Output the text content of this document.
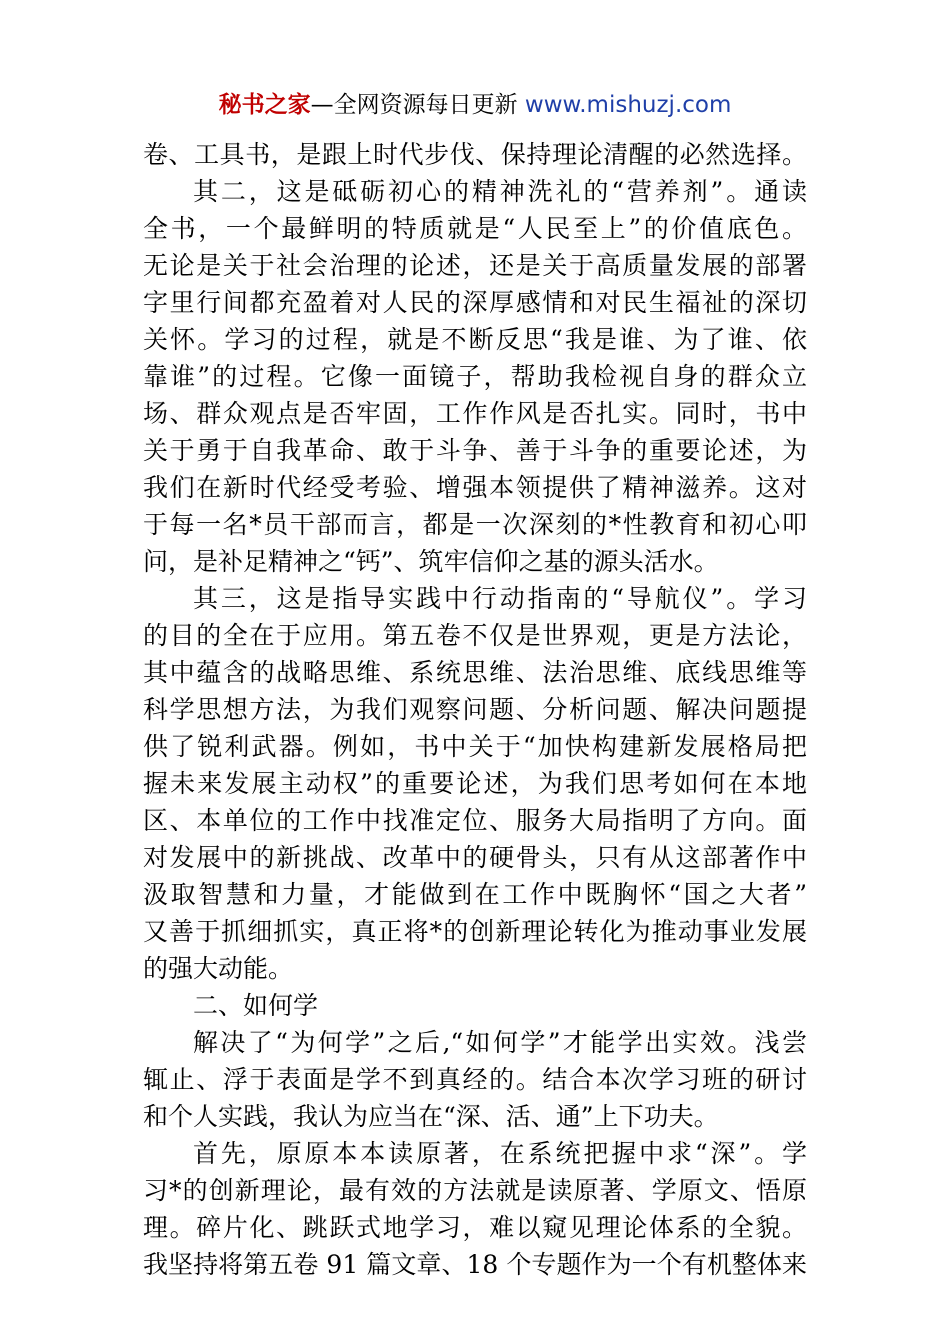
秘书之家—全网资源每日更新 www.mishuzj.com
卷、工具书，是跟上时代步伐、保持理论清醒的必然选择。
其二，这是砥砺初心的精神洗礼的“营养剂”。通读
全书，一个最鲜明的特质就是“人民至上”的价值底色。
无论是关于社会治理的论述，还是关于高质量发展的部署
字里行间都充盈着对人民的深厚感情和对民生福祉的深切
关怀。学习的过程，就是不断反思“我是谁、为了谁、依
靠谁”的过程。它像一面镜子，帮助我检视自身的群众立
场、群众观点是否牢固，工作作风是否扎实。同时，书中
关于勇于自我革命、敢于斗争、善于斗争的重要论述，为
我们在新时代经受考验、增强本领提供了精神滋养。这对
于每一名*员干部而言，都是一次深刻的*性教育和初心叩
问，是补足精神之“钙”、筑牢信仰之基的源头活水。
其三，这是指导实践中行动指南的“导航仪”。学习
的目的全在于应用。第五卷不仅是世界观，更是方法论，
其中蕴含的战略思维、系统思维、法治思维、底线思维等
科学思想方法，为我们观察问题、分析问题、解决问题提
供了锐利武器。例如，书中关于“加快构建新发展格局把
握未来发展主动权”的重要论述，为我们思考如何在本地
区、本单位的工作中找准定位、服务大局指明了方向。面
对发展中的新挑战、改革中的硬骨头，只有从这部著作中
汲取智慧和力量，才能做到在工作中既胸怀“国之大者”
又善于抓细抓实，真正将*的创新理论转化为推动事业发展
的强大动能。
二、如何学
解决了“为何学”之后,“如何学”才能学出实效。浅尝
辄止、浮于表面是学不到真经的。结合本次学习班的研讨
和个人实践，我认为应当在“深、活、通”上下功夫。
首先，原原本本读原著，在系统把握中求“深”。学
习*的创新理论，最有效的方法就是读原著、学原文、悟原
理。碎片化、跳跃式地学习，难以窥见理论体系的全貌。
我坚持将第五卷 91 篇文章、18 个专题作为一个有机整体来
